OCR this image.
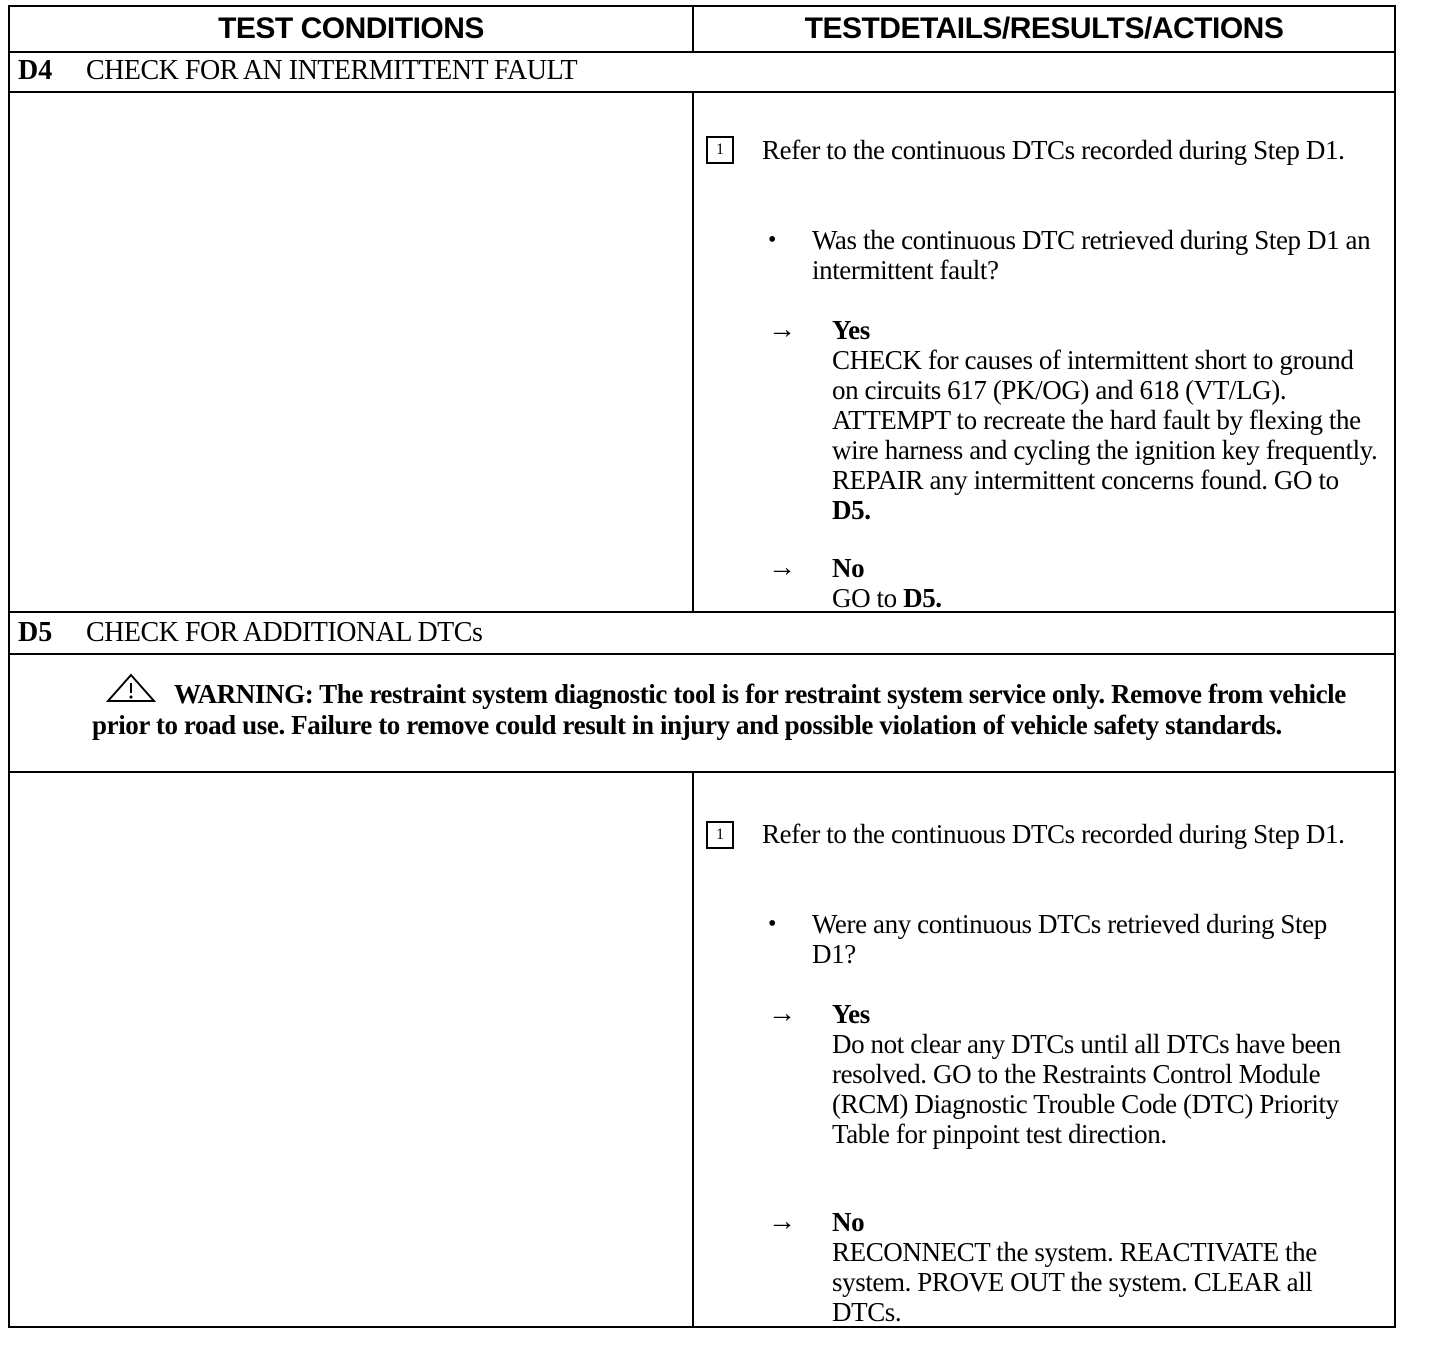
TEST CONDITIONS	TESTDETAILS/RESULTS/ACTIONS
D4 CHECK FOR AN INTERMITTENT FAULT
1	Refer to the continuous DTCs recorded during Step D1.
• Was the continuous DTC retrieved during Step D1 an intermittent fault?
→ Yes
CHECK for causes of intermittent short to ground on circuits 617 (PK/OG) and 618 (VT/LG). ATTEMPT to recreate the hard fault by flexing the wire harness and cycling the ignition key frequently. REPAIR any intermittent concerns found. GO to D5.
→ No
GO to D5.
D5 CHECK FOR ADDITIONAL DTCs
WARNING: The restraint system diagnostic tool is for restraint system service only. Remove from vehicle prior to road use. Failure to remove could result in injury and possible violation of vehicle safety standards.
1	Refer to the continuous DTCs recorded during Step D1.
• Were any continuous DTCs retrieved during Step D1?
→ Yes
Do not clear any DTCs until all DTCs have been resolved. GO to the Restraints Control Module (RCM) Diagnostic Trouble Code (DTC) Priority Table for pinpoint test direction.
→ No
RECONNECT the system. REACTIVATE the system. PROVE OUT the system. CLEAR all DTCs.
